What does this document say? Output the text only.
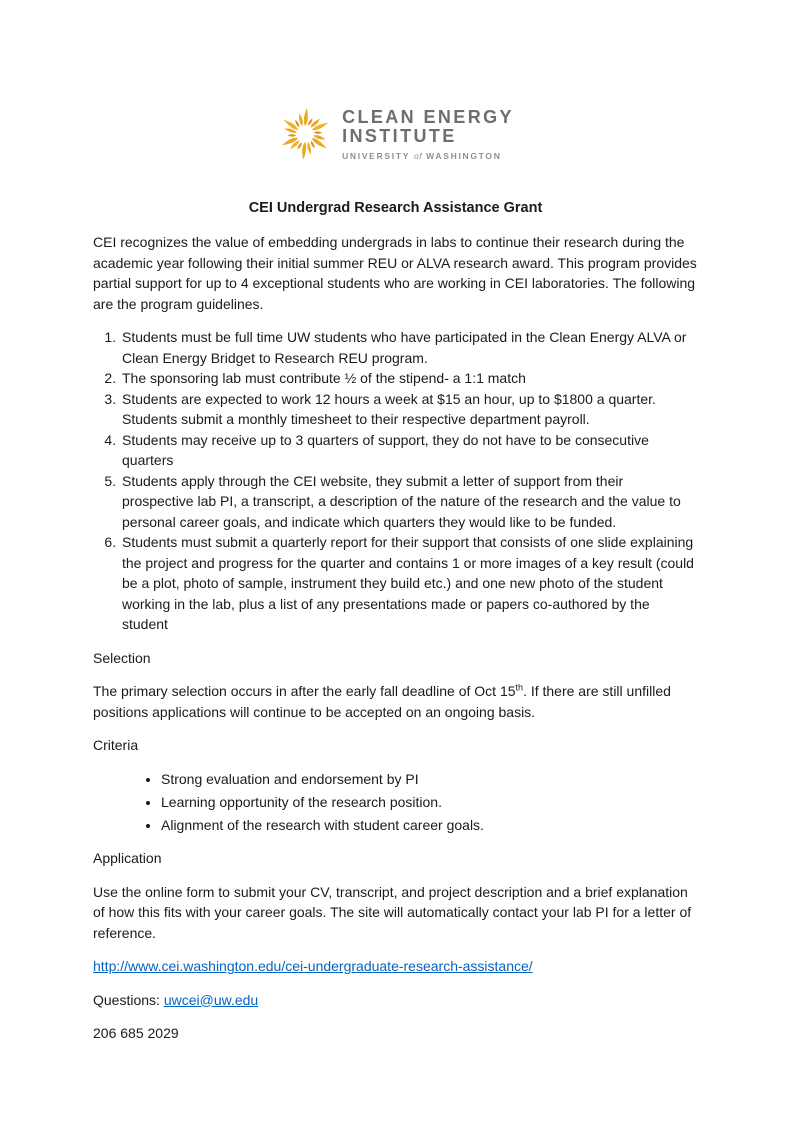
CLEAN ENERGY
INSTITUTE
UNIVERSITY of WASHINGTON
CEI Undergrad Research Assistance Grant

CEI recognizes the value of embedding undergrads in labs to continue their research during the academic year following their initial summer REU or ALVA research award. This program provides partial support for up to 4 exceptional students who are working in CEI laboratories. The following are the program guidelines.

1. Students must be full time UW students who have participated in the Clean Energy ALVA or Clean Energy Bridget to Research REU program.
2. The sponsoring lab must contribute ½ of the stipend- a 1:1 match
3. Students are expected to work 12 hours a week at $15 an hour, up to $1800 a quarter. Students submit a monthly timesheet to their respective department payroll.
4. Students may receive up to 3 quarters of support, they do not have to be consecutive quarters
5. Students apply through the CEI website, they submit a letter of support from their prospective lab PI, a transcript, a description of the nature of the research and the value to personal career goals, and indicate which quarters they would like to be funded.
6. Students must submit a quarterly report for their support that consists of one slide explaining the project and progress for the quarter and contains 1 or more images of a key result (could be a plot, photo of sample, instrument they build etc.) and one new photo of the student working in the lab, plus a list of any presentations made or papers co-authored by the student

Selection

The primary selection occurs in after the early fall deadline of Oct 15th. If there are still unfilled positions applications will continue to be accepted on an ongoing basis.

Criteria

• Strong evaluation and endorsement by PI
• Learning opportunity of the research position.
• Alignment of the research with student career goals.

Application

Use the online form to submit your CV, transcript, and project description and a brief explanation of how this fits with your career goals. The site will automatically contact your lab PI for a letter of reference.

http://www.cei.washington.edu/cei-undergraduate-research-assistance/

Questions: uwcei@uw.edu

206 685 2029
